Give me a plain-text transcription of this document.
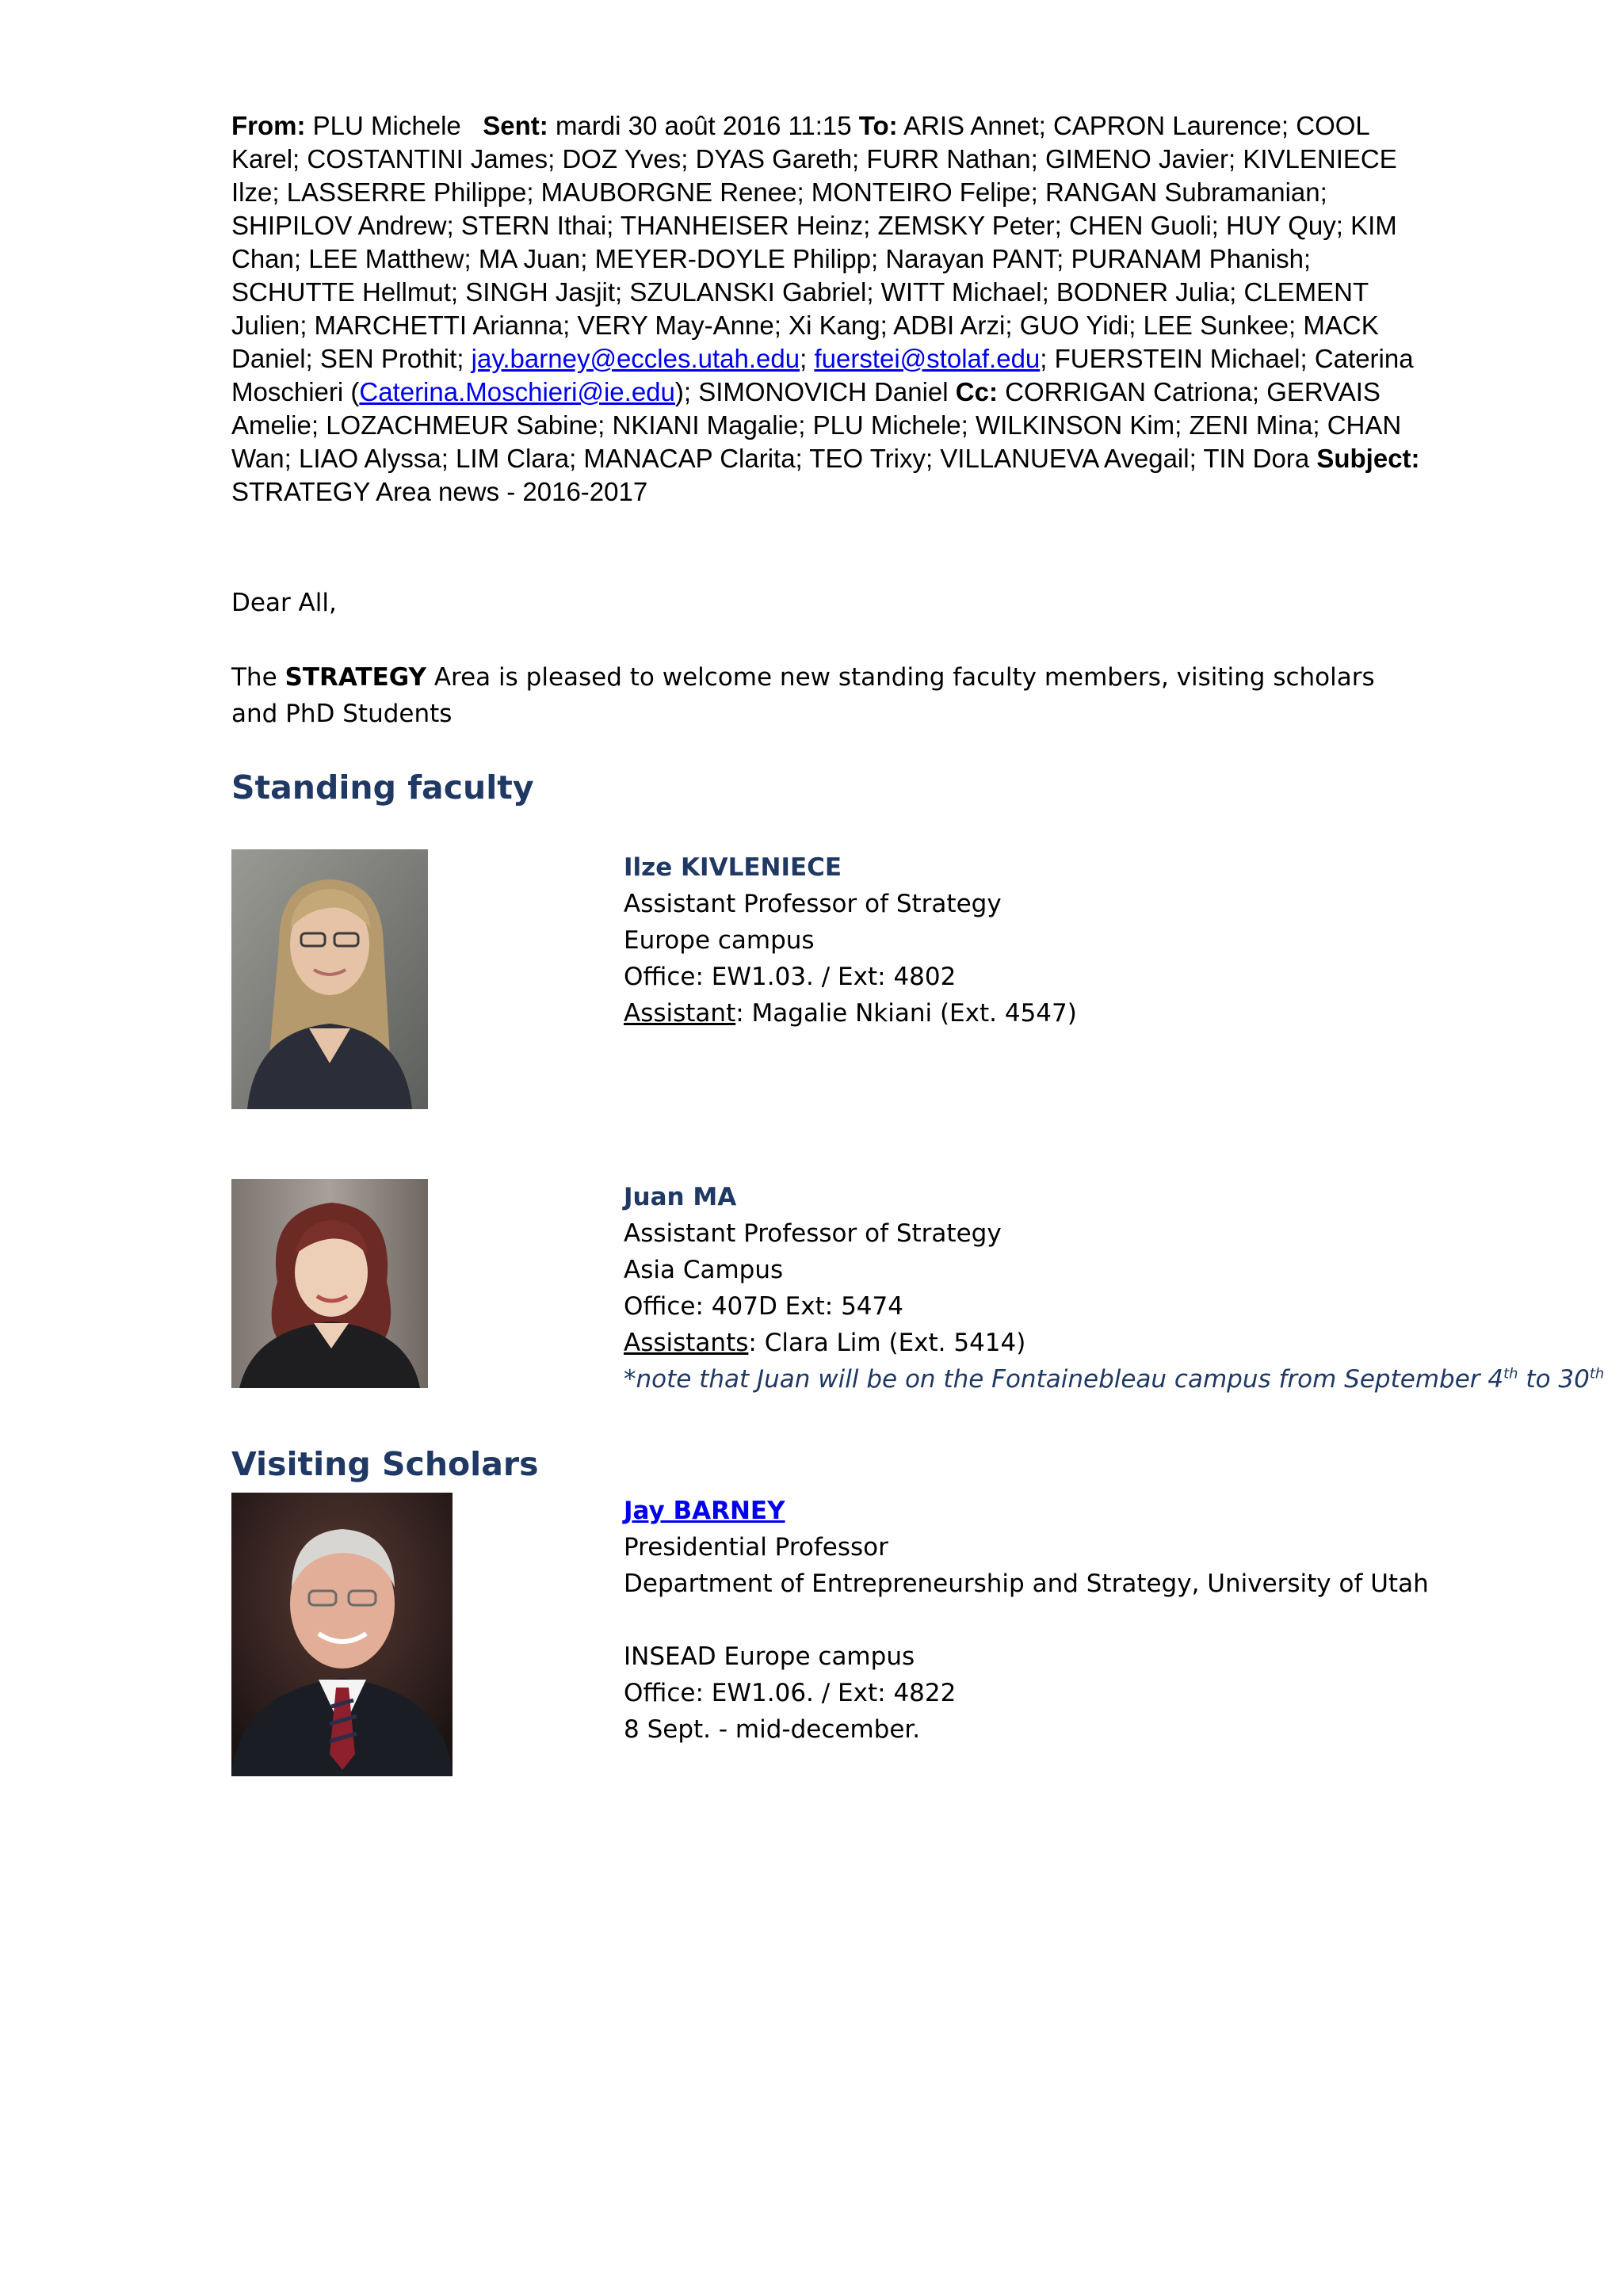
From: PLU Michele Sent: mardi 30 août 2016 11:15 To: ARIS Annet; CAPRON Laurence; COOL Karel; COSTANTINI James; DOZ Yves; DYAS Gareth; FURR Nathan; GIMENO Javier; KIVLENIECE Ilze; LASSERRE Philippe; MAUBORGNE Renee; MONTEIRO Felipe; RANGAN Subramanian; SHIPILOV Andrew; STERN Ithai; THANHEISER Heinz; ZEMSKY Peter; CHEN Guoli; HUY Quy; KIM Chan; LEE Matthew; MA Juan; MEYER-DOYLE Philipp; Narayan PANT; PURANAM Phanish; SCHUTTE Hellmut; SINGH Jasjit; SZULANSKI Gabriel; WITT Michael; BODNER Julia; CLEMENT Julien; MARCHETTI Arianna; VERY May-Anne; Xi Kang; ADBI Arzi; GUO Yidi; LEE Sunkee; MACK Daniel; SEN Prothit; jay.barney@eccles.utah.edu; fuerstei@stolaf.edu; FUERSTEIN Michael; Caterina Moschieri (Caterina.Moschieri@ie.edu); SIMONOVICH Daniel Cc: CORRIGAN Catriona; GERVAIS Amelie; LOZACHMEUR Sabine; NKIANI Magalie; PLU Michele; WILKINSON Kim; ZENI Mina; CHAN Wan; LIAO Alyssa; LIM Clara; MANACAP Clarita; TEO Trixy; VILLANUEVA Avegail; TIN Dora Subject: STRATEGY Area news - 2016-2017
Dear All,
The STRATEGY Area is pleased to welcome new standing faculty members, visiting scholars and PhD Students
Standing faculty
Ilze KIVLENIECE
Assistant Professor of Strategy
Europe campus
Office: EW1.03. / Ext: 4802
Assistant: Magalie Nkiani (Ext. 4547)
Juan MA
Assistant Professor of Strategy
Asia Campus
Office: 407D Ext: 5474
Assistants: Clara Lim (Ext. 5414)
*note that Juan will be on the Fontainebleau campus from September 4th to 30th
Visiting Scholars
Jay BARNEY
Presidential Professor
Department of Entrepreneurship and Strategy, University of Utah
INSEAD Europe campus
Office: EW1.06. / Ext: 4822
8 Sept. - mid-december.
